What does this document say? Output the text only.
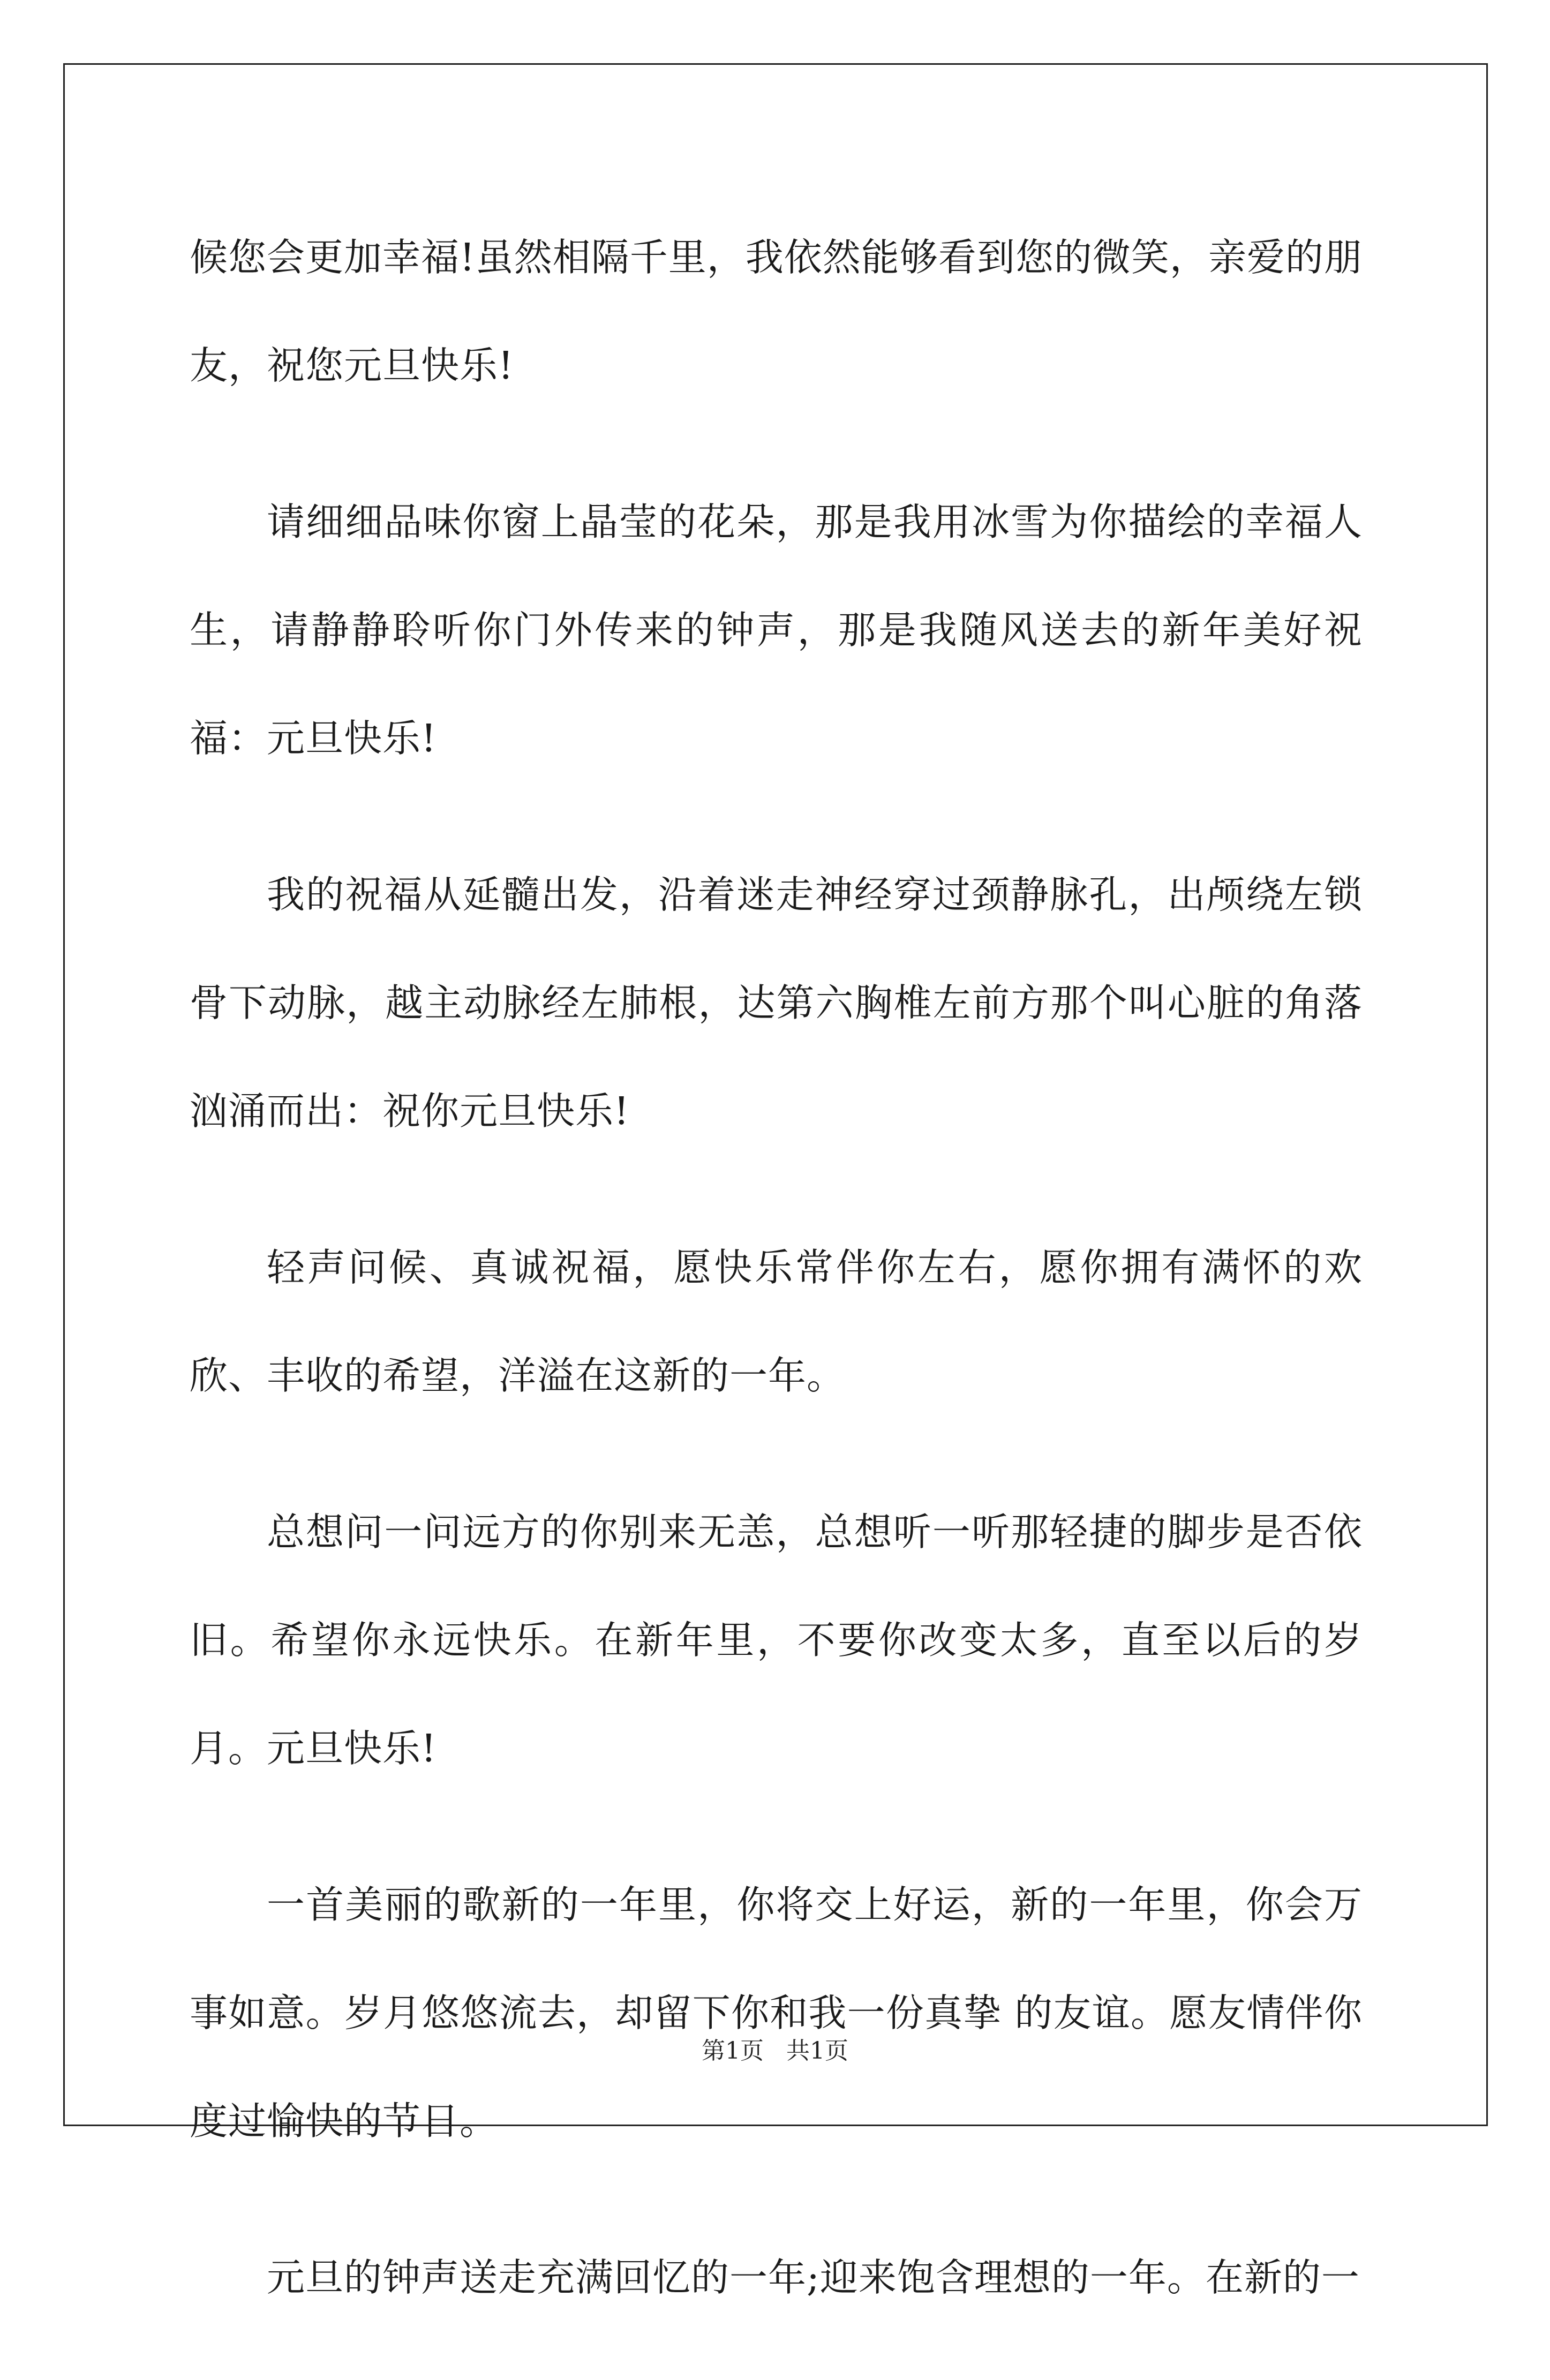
候您会更加幸福!虽然相隔千里，我依然能够看到您的微笑，亲爱的朋友，祝您元旦快乐!

请细细品味你窗上晶莹的花朵，那是我用冰雪为你描绘的幸福人生，请静静聆听你门外传来的钟声，那是我随风送去的新年美好祝福：元旦快乐!

我的祝福从延髓出发，沿着迷走神经穿过颈静脉孔，出颅绕左锁骨下动脉，越主动脉经左肺根，达第六胸椎左前方那个叫心脏的角落汹涌而出：祝你元旦快乐!

轻声问候、真诚祝福，愿快乐常伴你左右，愿你拥有满怀的欢欣、丰收的希望，洋溢在这新的一年。

总想问一问远方的你别来无恙，总想听一听那轻捷的脚步是否依旧。希望你永远快乐。在新年里，不要你改变太多，直至以后的岁月。元旦快乐!

一首美丽的歌新的一年里，你将交上好运，新的一年里，你会万事如意。岁月悠悠流去，却留下你和我一份真挚 的友谊。愿友情伴你度过愉快的节日。

元旦的钟声送走充满回忆的一年;迎来饱含理想的一年。在新的一

第1页 共1页
